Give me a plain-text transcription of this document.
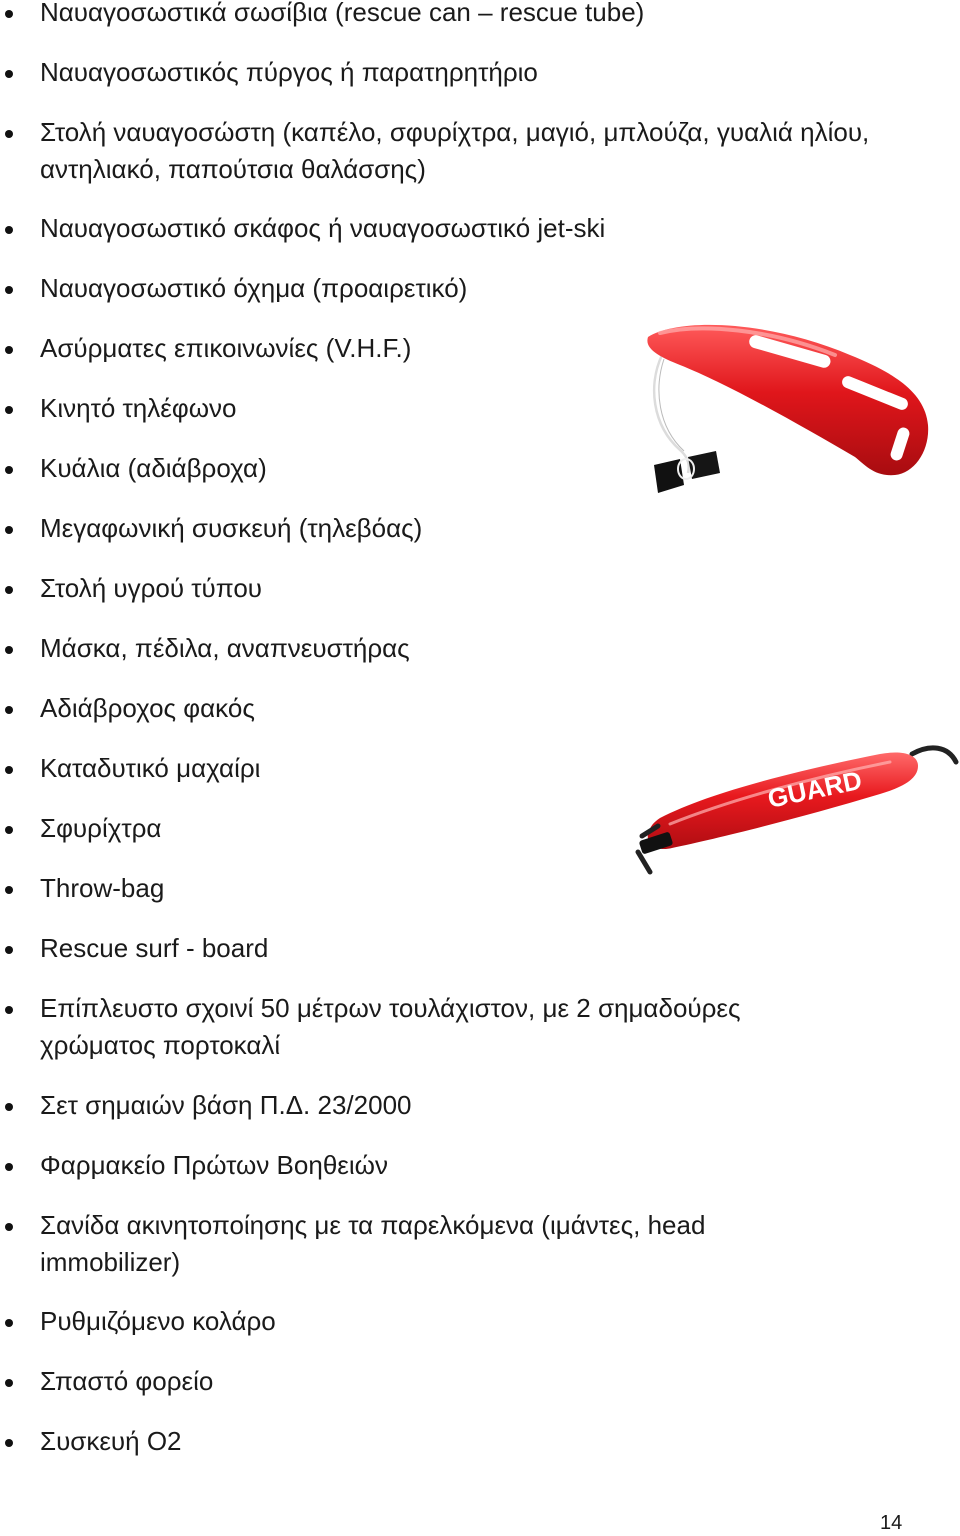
Ναυαγοσωστικά σωσίβια (rescue can – rescue tube)
Ναυαγοσωστικός πύργος ή παρατηρητήριο
Στολή ναυαγοσώστη (καπέλο, σφυρίχτρα, μαγιό, μπλούζα, γυαλιά ηλίου, αντηλιακό, παπούτσια θαλάσσης)
Ναυαγοσωστικό σκάφος ή ναυαγοσωστικό jet-ski
Ναυαγοσωστικό όχημα (προαιρετικό)
Ασύρματες επικοινωνίες (V.H.F.)
Κινητό τηλέφωνο
Κυάλια (αδιάβροχα)
Μεγαφωνική συσκευή (τηλεβόας)
Στολή υγρού τύπου
Μάσκα, πέδιλα, αναπνευστήρας
Αδιάβροχος φακός
Καταδυτικό μαχαίρι
Σφυρίχτρα
Throw-bag
Rescue surf - board
Επίπλευστο σχοινί 50 μέτρων τουλάχιστον, με 2 σημαδούρες χρώματος πορτοκαλί
Σετ σημαιών βάση Π.Δ. 23/2000
Φαρμακείο Πρώτων Βοηθειών
Σανίδα ακινητοποίησης με τα παρελκόμενα (ιμάντες, head immobilizer)
Ρυθμιζόμενο κολάρο
Σπαστό φορείο
Συσκευή Ο2
GUARD
14
